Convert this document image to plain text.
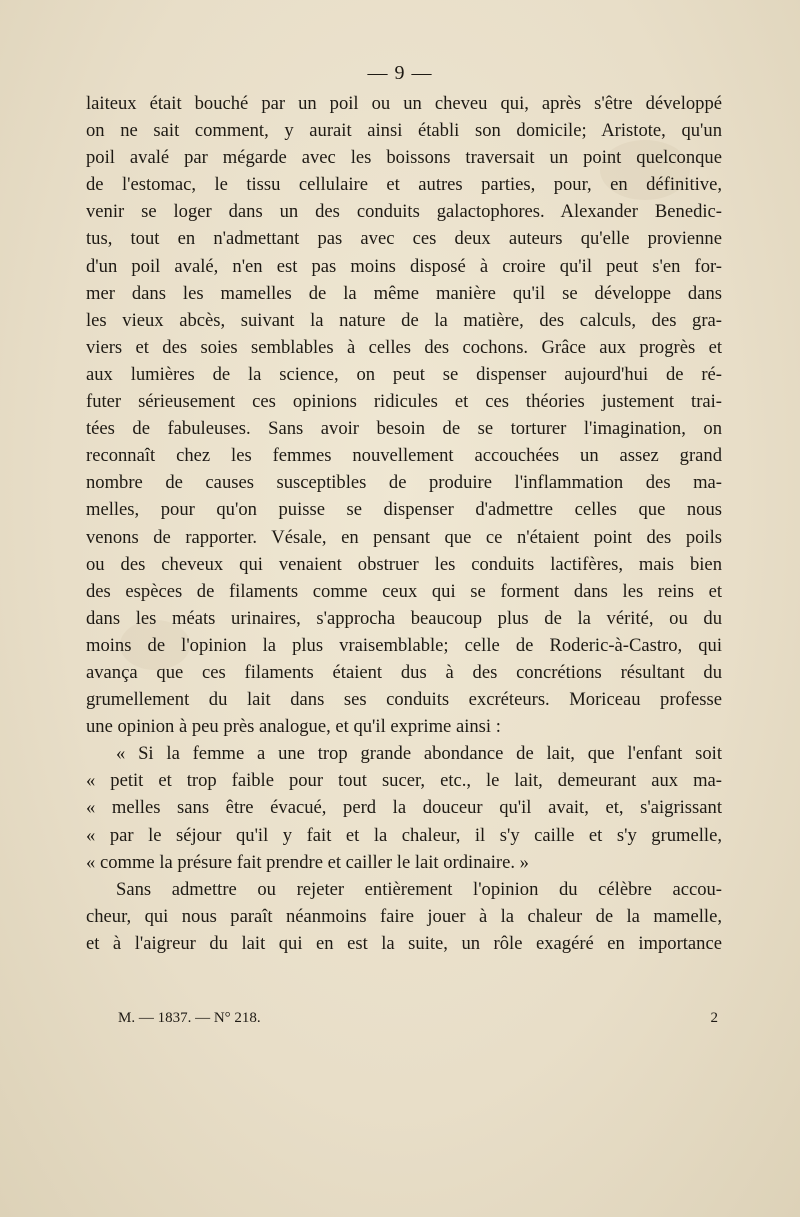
— 9 —
laiteux était bouché par un poil ou un cheveu qui, après s'être développé
on ne sait comment, y aurait ainsi établi son domicile; Aristote, qu'un
poil avalé par mégarde avec les boissons traversait un point quelconque
de l'estomac, le tissu cellulaire et autres parties, pour, en définitive,
venir se loger dans un des conduits galactophores. Alexander Benedic-
tus, tout en n'admettant pas avec ces deux auteurs qu'elle provienne
d'un poil avalé, n'en est pas moins disposé à croire qu'il peut s'en for-
mer dans les mamelles de la même manière qu'il se développe dans
les vieux abcès, suivant la nature de la matière, des calculs, des gra-
viers et des soies semblables à celles des cochons. Grâce aux progrès et
aux lumières de la science, on peut se dispenser aujourd'hui de ré-
futer sérieusement ces opinions ridicules et ces théories justement trai-
tées de fabuleuses. Sans avoir besoin de se torturer l'imagination, on
reconnaît chez les femmes nouvellement accouchées un assez grand
nombre de causes susceptibles de produire l'inflammation des ma-
melles, pour qu'on puisse se dispenser d'admettre celles que nous
venons de rapporter. Vésale, en pensant que ce n'étaient point des poils
ou des cheveux qui venaient obstruer les conduits lactifères, mais bien
des espèces de filaments comme ceux qui se forment dans les reins et
dans les méats urinaires, s'approcha beaucoup plus de la vérité, ou du
moins de l'opinion la plus vraisemblable; celle de Roderic-à-Castro, qui
avança que ces filaments étaient dus à des concrétions résultant du
grumellement du lait dans ses conduits excréteurs. Moriceau professe
une opinion à peu près analogue, et qu'il exprime ainsi :
« Si la femme a une trop grande abondance de lait, que l'enfant soit
« petit et trop faible pour tout sucer, etc., le lait, demeurant aux ma-
« melles sans être évacué, perd la douceur qu'il avait, et, s'aigrissant
« par le séjour qu'il y fait et la chaleur, il s'y caille et s'y grumelle,
« comme la présure fait prendre et cailler le lait ordinaire. »
Sans admettre ou rejeter entièrement l'opinion du célèbre accou-
cheur, qui nous paraît néanmoins faire jouer à la chaleur de la mamelle,
et à l'aigreur du lait qui en est la suite, un rôle exagéré en importance
M. — 1837. — N° 218.	2
